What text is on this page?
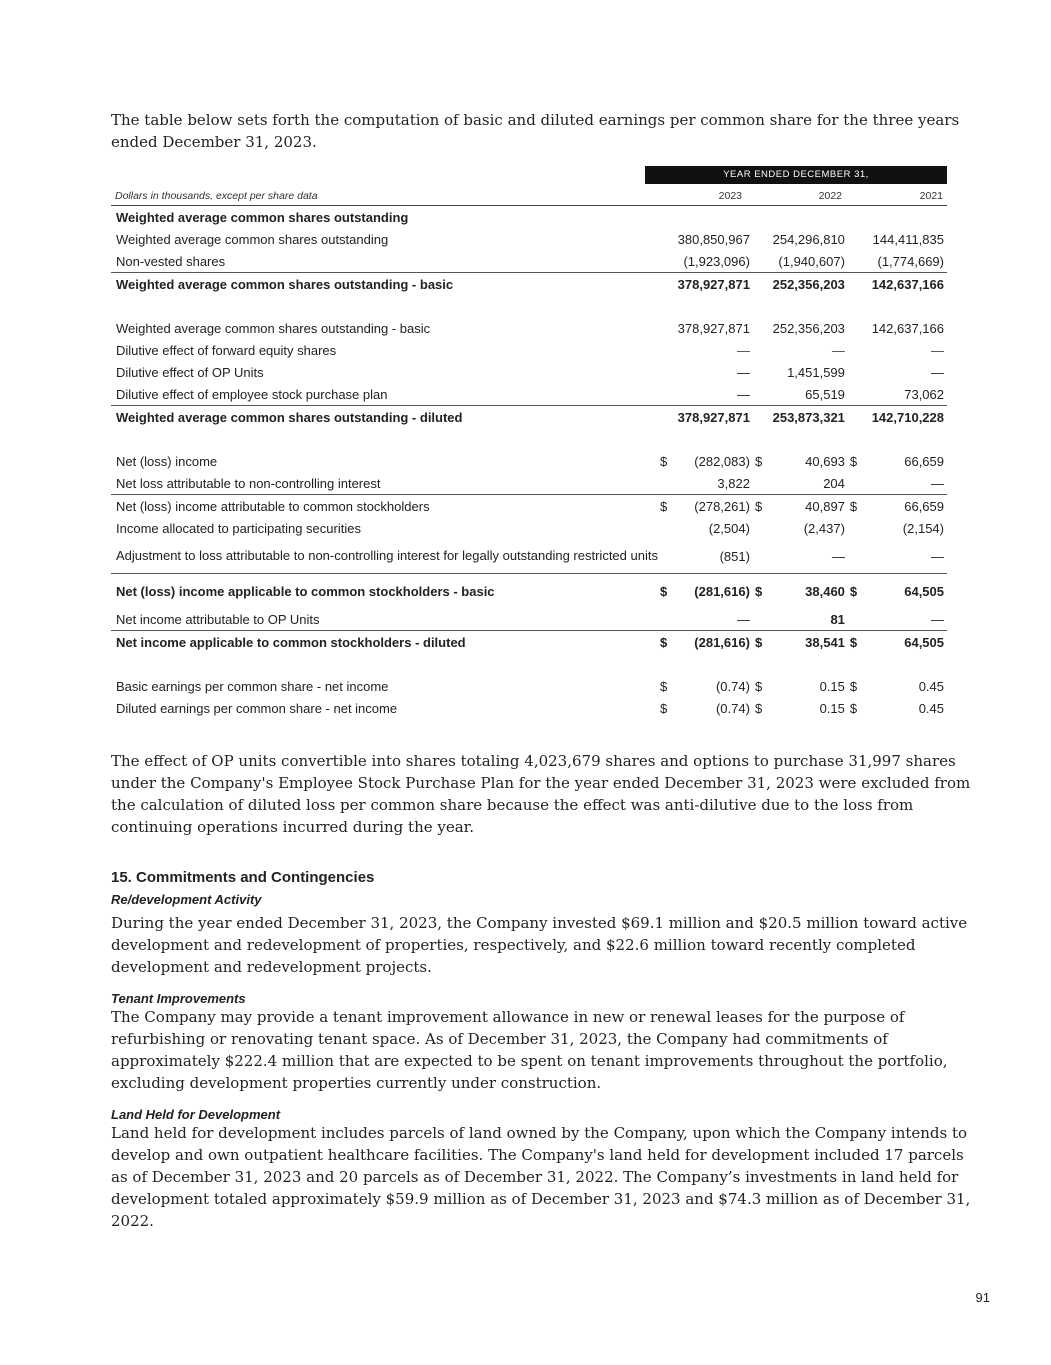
The table below sets forth the computation of basic and diluted earnings per common share for the three years ended December 31, 2023.

YEAR ENDED DECEMBER 31,
Dollars in thousands, except per share data	2023	2022	2021
Weighted average common shares outstanding						
Weighted average common shares outstanding		380,850,967		254,296,810		144,411,835
Non-vested shares		(1,923,096)		(1,940,607)		(1,774,669)
Weighted average common shares outstanding - basic		378,927,871		252,356,203		142,637,166

Weighted average common shares outstanding - basic		378,927,871		252,356,203		142,637,166
Dilutive effect of forward equity shares		—		—		—
Dilutive effect of OP Units		—		1,451,599		—
Dilutive effect of employee stock purchase plan		—		65,519		73,062
Weighted average common shares outstanding - diluted		378,927,871		253,873,321		142,710,228

Net (loss) income	$	(282,083)	$	40,693	$	66,659
Net loss attributable to non-controlling interest		3,822		204		—
Net (loss) income attributable to common stockholders	$	(278,261)	$	40,897	$	66,659
Income allocated to participating securities		(2,504)		(2,437)		(2,154)
Adjustment to loss attributable to non-controlling interest for legally outstanding restricted units		(851)		—		—
Net (loss) income applicable to common stockholders - basic	$	(281,616)	$	38,460	$	64,505
Net income attributable to OP Units		—		81		—
Net income applicable to common stockholders - diluted	$	(281,616)	$	38,541	$	64,505

Basic earnings per common share - net income	$	(0.74)	$	0.15	$	0.45
Diluted earnings per common share - net income	$	(0.74)	$	0.15	$	0.45

The effect of OP units convertible into shares totaling 4,023,679 shares and options to purchase 31,997 shares under the Company's Employee Stock Purchase Plan for the year ended December 31, 2023 were excluded from the calculation of diluted loss per common share because the effect was anti-dilutive due to the loss from continuing operations incurred during the year.

15. Commitments and Contingencies
Re/development Activity

During the year ended December 31, 2023, the Company invested $69.1 million and $20.5 million toward active development and redevelopment of properties, respectively, and $22.6 million toward recently completed development and redevelopment projects.

Tenant Improvements

The Company may provide a tenant improvement allowance in new or renewal leases for the purpose of refurbishing or renovating tenant space. As of December 31, 2023, the Company had commitments of approximately $222.4 million that are expected to be spent on tenant improvements throughout the portfolio, excluding development properties currently under construction.

Land Held for Development

Land held for development includes parcels of land owned by the Company, upon which the Company intends to develop and own outpatient healthcare facilities. The Company's land held for development included 17 parcels as of December 31, 2023 and 20 parcels as of December 31, 2022. The Company’s investments in land held for development totaled approximately $59.9 million as of December 31, 2023 and $74.3 million as of December 31, 2022.

91
